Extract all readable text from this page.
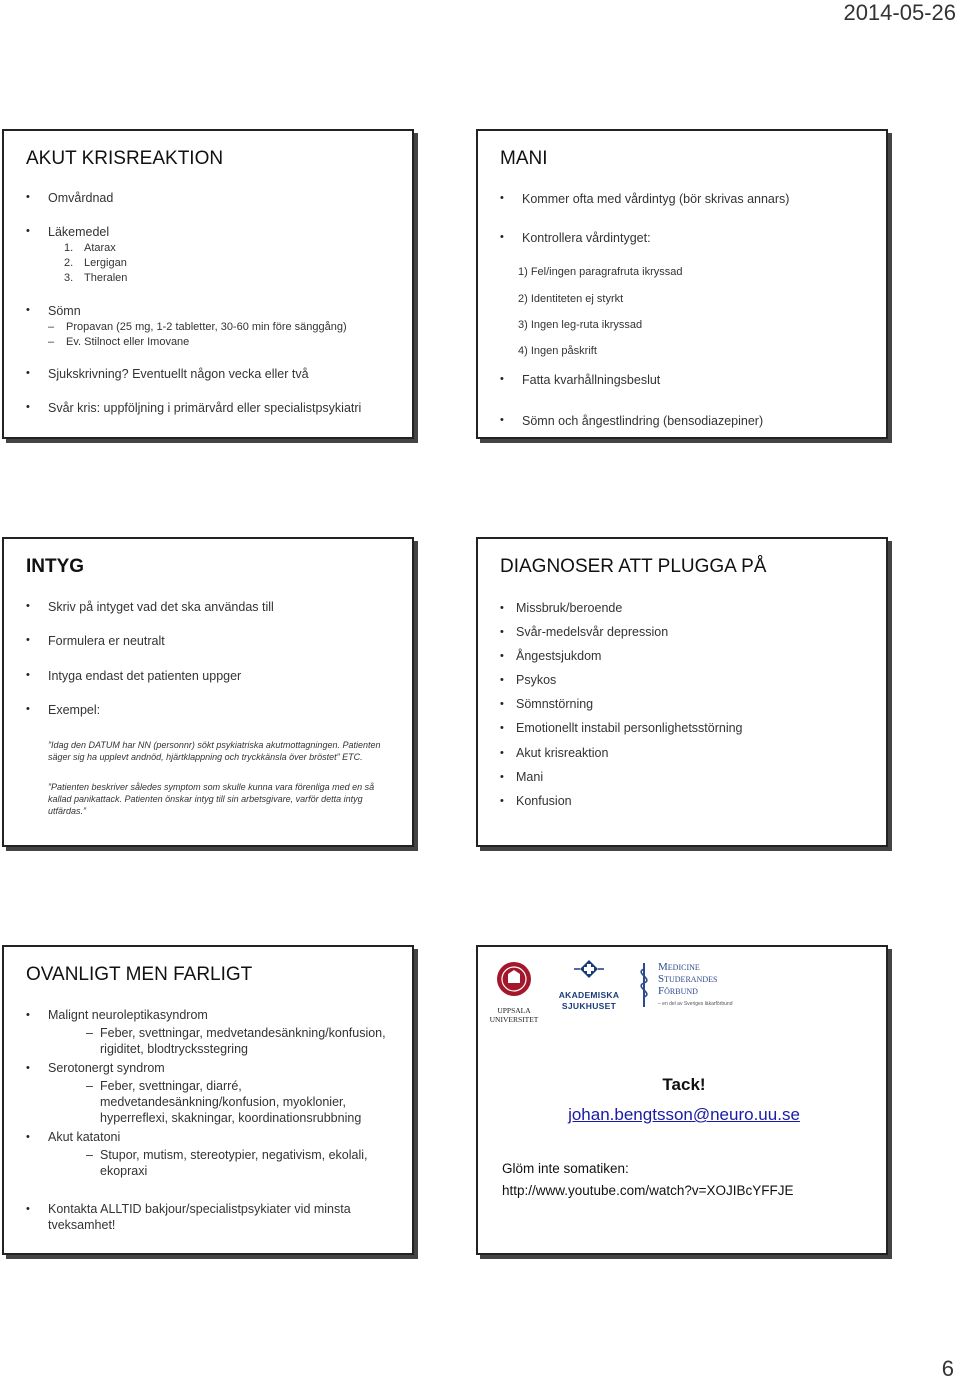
2014-05-26
AKUT KRISREAKTION
• Omvårdnad
• Läkemedel
1. Atarax
2. Lergigan
3. Theralen
• Sömn
– Propavan (25 mg, 1-2 tabletter, 30-60 min före sänggång)
– Ev. Stilnoct eller Imovane
• Sjukskrivning? Eventuellt någon vecka eller två
• Svår kris: uppföljning i primärvård eller specialistpsykiatri
MANI
• Kommer ofta med vårdintyg (bör skrivas annars)
• Kontrollera vårdintyget:
1) Fel/ingen paragrafruta ikryssad
2) Identiteten ej styrkt
3) Ingen leg-ruta ikryssad
4) Ingen påskrift
• Fatta kvarhållningsbeslut
• Sömn och ångestlindring (bensodiazepiner)
INTYG
• Skriv på intyget vad det ska användas till
• Formulera er neutralt
• Intyga endast det patienten uppger
• Exempel:
”Idag den DATUM har NN (personnr) sökt psykiatriska akutmottagningen. Patienten säger sig ha upplevt andnöd, hjärtklappning och tryckkänsla över bröstet” ETC.
”Patienten beskriver således symptom som skulle kunna vara förenliga med en så kallad panikattack. Patienten önskar intyg till sin arbetsgivare, varför detta intyg utfärdas.”
DIAGNOSER ATT PLUGGA PÅ
• Missbruk/beroende
• Svår-medelsvår depression
• Ångestsjukdom
• Psykos
• Sömnstörning
• Emotionellt instabil personlighetsstörning
• Akut krisreaktion
• Mani
• Konfusion
OVANLIGT MEN FARLIGT
• Malignt neuroleptikasyndrom
– Feber, svettningar, medvetandesänkning/konfusion, rigiditet, blodtrycksstegring
• Serotonergt syndrom
– Feber, svettningar, diarré, medvetandesänkning/konfusion, myoklonier, hyperreflexi, skakningar, koordinationsrubbning
• Akut katatoni
– Stupor, mutism, stereotypier, negativism, ekolali, ekopraxi
• Kontakta ALLTID bakjour/specialistpsykiater vid minsta tveksamhet!
UPPSALA
UNIVERSITET
AKADEMISKA
SJUKHUSET
Medicine
Studerandes
Förbund
– en del av Sveriges läkarförbund
Tack!
johan.bengtsson@neuro.uu.se
Glöm inte somatiken:
http://www.youtube.com/watch?v=XOJIBcYFFJE
6
